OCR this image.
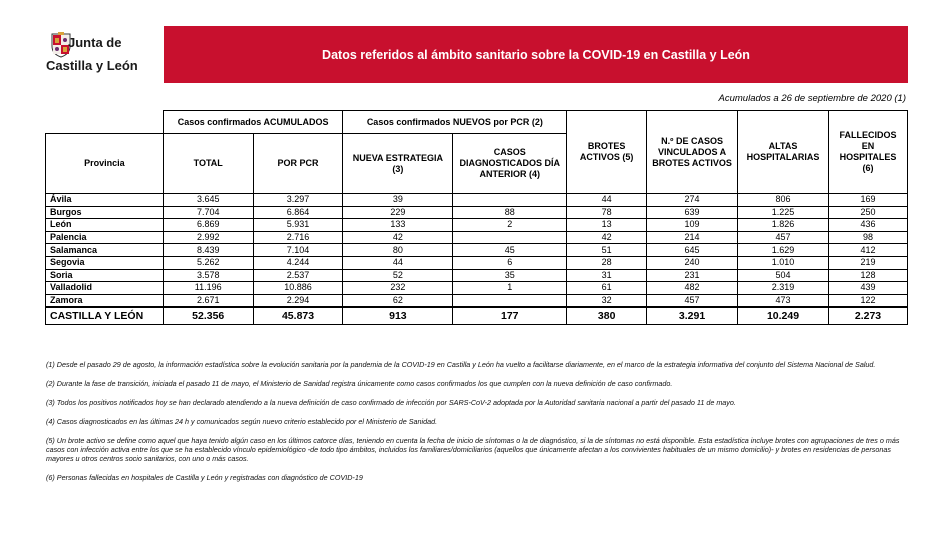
Junta de
Castilla y León
Datos referidos al ámbito sanitario sobre la COVID-19 en Castilla y León
Acumulados a 26 de septiembre de 2020 (1)
	Casos confirmados ACUMULADOS		Casos confirmados NUEVOS por PCR (2)		BROTES ACTIVOS (5)	N.º DE CASOS VINCULADOS A BROTES ACTIVOS	ALTAS HOSPITALARIAS	FALLECIDOS EN HOSPITALES (6)
Provincia	TOTAL	POR PCR	NUEVA ESTRATEGIA (3)	CASOS DIAGNOSTICADOS DÍA ANTERIOR (4)				
Ávila	3.645	3.297	39		44	274	806	169
Burgos	7.704	6.864	229	88	78	639	1.225	250
León	6.869	5.931	133	2	13	109	1.826	436
Palencia	2.992	2.716	42		42	214	457	98
Salamanca	8.439	7.104	80	45	51	645	1.629	412
Segovia	5.262	4.244	44	6	28	240	1.010	219
Soria	3.578	2.537	52	35	31	231	504	128
Valladolid	11.196	10.886	232	1	61	482	2.319	439
Zamora	2.671	2.294	62		32	457	473	122
CASTILLA Y LEÓN	52.356	45.873	913	177	380	3.291	10.249	2.273

(1) Desde el pasado 29 de agosto, la información estadística sobre la evolución sanitaria por la pandemia de la COVID-19 en Castilla y León ha vuelto a facilitarse diariamente, en el marco de la estrategia informativa del conjunto del Sistema Nacional de Salud.

(2) Durante la fase de transición, iniciada el pasado 11 de mayo, el Ministerio de Sanidad registra únicamente como casos confirmados los que cumplen con la nueva definición de caso confirmado.

(3) Todos los positivos notificados hoy se han declarado atendiendo a la nueva definición de caso confirmado de infección por SARS-CoV-2 adoptada por la Autoridad sanitaria nacional a partir del pasado 11 de mayo.

(4) Casos diagnosticados en las últimas 24 h y comunicados según nuevo criterio establecido por el Ministerio de Sanidad.

(5) Un brote activo se define como aquel que haya tenido algún caso en los últimos catorce días, teniendo en cuenta la fecha de inicio de síntomas o la de diagnóstico, si la de síntomas no está disponible. Esta estadística incluye brotes con agrupaciones de tres o más casos con infección activa entre los que se ha establecido vínculo epidemiológico -de todo tipo ámbitos, incluidos los familiares/domiciliarios (aquellos que únicamente afectan a los convivientes habituales de un mismo domicilio)- y brotes en residencias de personas mayores u otros centros socio sanitarios, con uno o más casos.

(6) Personas fallecidas en hospitales de Castilla y León y registradas con diagnóstico de COVID-19
